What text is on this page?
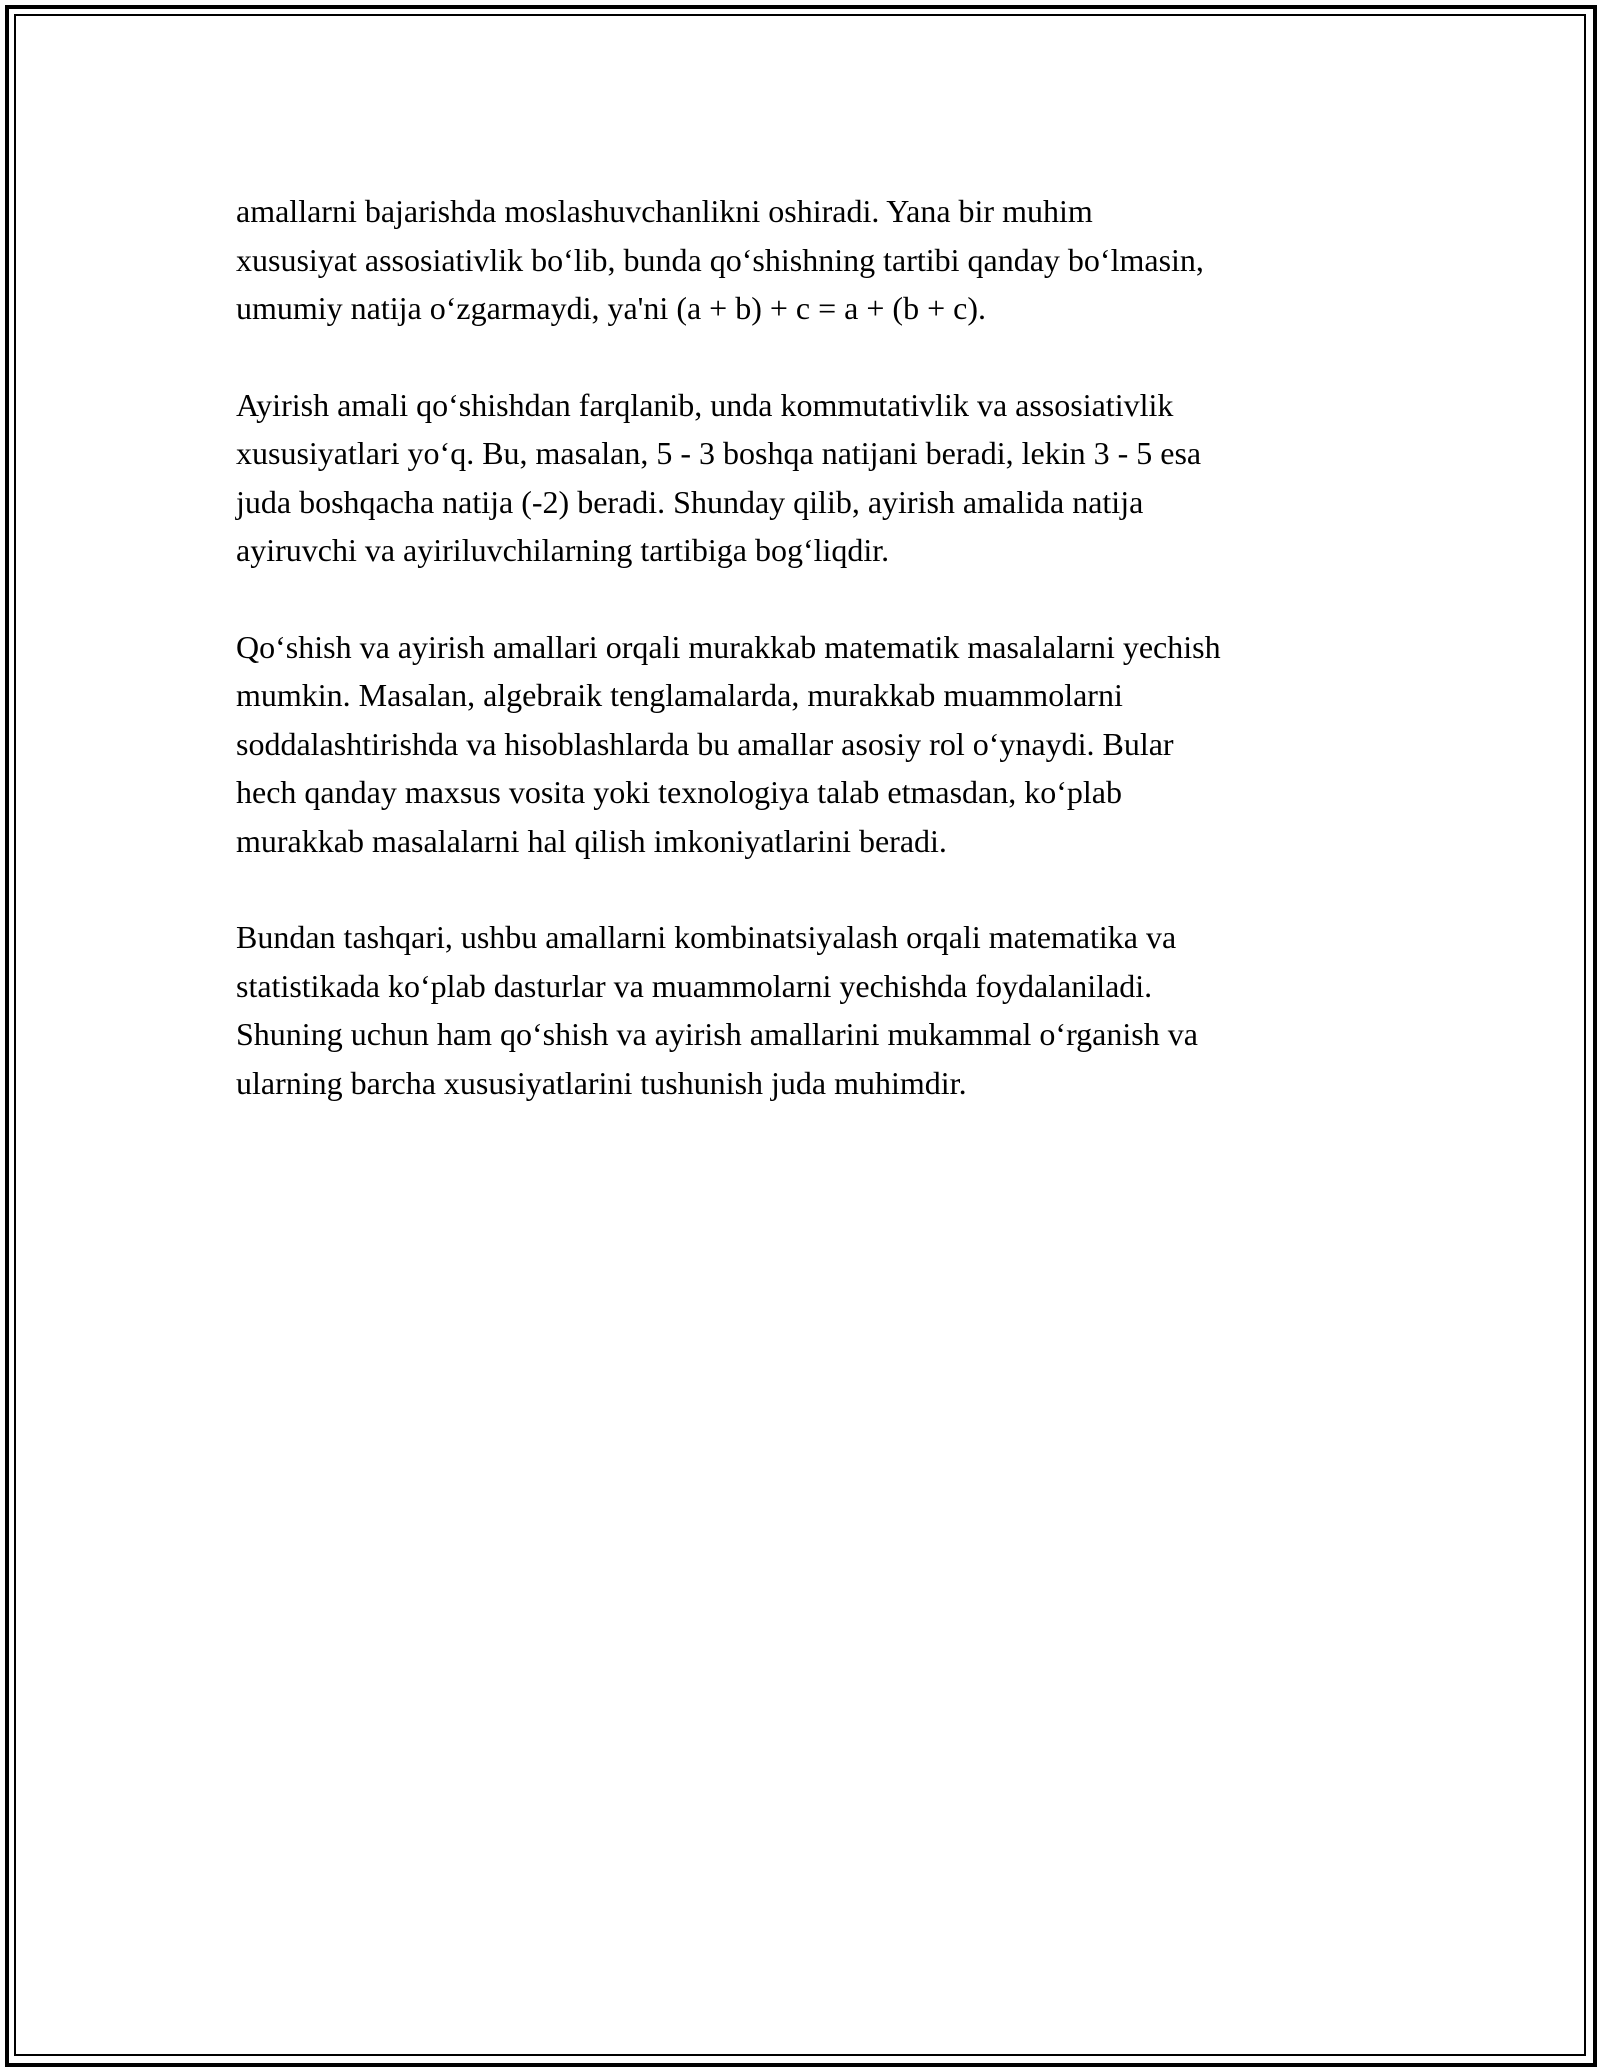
amallarni bajarishda moslashuvchanlikni oshiradi. Yana bir muhim
xususiyat assosiativlik bo‘lib, bunda qo‘shishning tartibi qanday bo‘lmasin,
umumiy natija o‘zgarmaydi, ya'ni (a + b) + c = a + (b + c).

Ayirish amali qo‘shishdan farqlanib, unda kommutativlik va assosiativlik
xususiyatlari yo‘q. Bu, masalan, 5 - 3 boshqa natijani beradi, lekin 3 - 5 esa
juda boshqacha natija (-2) beradi. Shunday qilib, ayirish amalida natija
ayiruvchi va ayiriluvchilarning tartibiga bog‘liqdir.

Qo‘shish va ayirish amallari orqali murakkab matematik masalalarni yechish
mumkin. Masalan, algebraik tenglamalarda, murakkab muammolarni
soddalashtirishda va hisoblashlarda bu amallar asosiy rol o‘ynaydi. Bular
hech qanday maxsus vosita yoki texnologiya talab etmasdan, ko‘plab
murakkab masalalarni hal qilish imkoniyatlarini beradi.

Bundan tashqari, ushbu amallarni kombinatsiyalash orqali matematika va
statistikada ko‘plab dasturlar va muammolarni yechishda foydalaniladi.
Shuning uchun ham qo‘shish va ayirish amallarini mukammal o‘rganish va
ularning barcha xususiyatlarini tushunish juda muhimdir.
